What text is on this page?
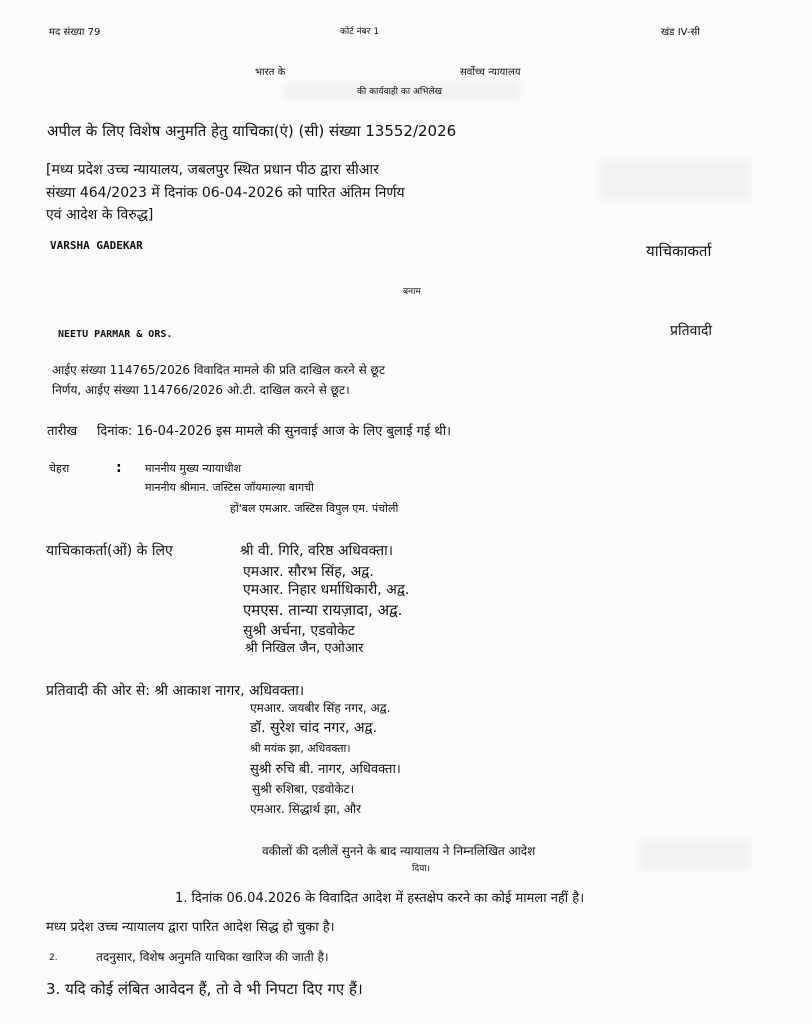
मद संख्या 79	कोर्ट नंबर 1	खंड IV-सी
भारत के	सर्वोच्च न्यायालय
की कार्यवाही का अभिलेख
अपील के लिए विशेष अनुमति हेतु याचिका(एं) (सी) संख्या 13552/2026
[मध्य प्रदेश उच्च न्यायालय, जबलपुर स्थित प्रधान पीठ द्वारा सीआर
संख्या 464/2023 में दिनांक 06-04-2026 को पारित अंतिम निर्णय
एवं आदेश के विरुद्ध]
VARSHA GADEKAR	याचिकाकर्ता
बनाम
NEETU PARMAR & ORS.	प्रतिवादी
आईए संख्या 114765/2026 विवादित मामले की प्रति दाखिल करने से छूट
निर्णय, आईए संख्या 114766/2026 ओ.टी. दाखिल करने से छूट।
तारीख दिनांक: 16-04-2026 इस मामले की सुनवाई आज के लिए बुलाई गई थी।
चेहरा	: माननीय मुख्य न्यायाधीश
माननीय श्रीमान. जस्टिस जॉयमाल्या बागची
हों'बल एमआर. जस्टिस विपुल एम. पंचोली
याचिकाकर्ता(ओं) के लिए	श्री वी. गिरि, वरिष्ठ अधिवक्ता।
एमआर. सौरभ सिंह, अद्व.
एमआर. निहार धर्माधिकारी, अद्व.
एमएस. तान्या रायज़ादा, अद्व.
सुश्री अर्चना, एडवोकेट
श्री निखिल जैन, एओआर
प्रतिवादी की ओर से: श्री आकाश नागर, अधिवक्ता।
एमआर. जयबीर सिंह नगर, अद्व.
डॉ. सुरेश चांद नगर, अद्व.
श्री मयंक झा, अधिवक्ता।
सुश्री रुचि बी. नागर, अधिवक्ता।
सुश्री रुशिबा, एडवोकेट।
एमआर. सिद्धार्थ झा, और
वकीलों की दलीलें सुनने के बाद न्यायालय ने निम्नलिखित आदेश
दिया।
1. दिनांक 06.04.2026 के विवादित आदेश में हस्तक्षेप करने का कोई मामला नहीं है।
मध्य प्रदेश उच्च न्यायालय द्वारा पारित आदेश सिद्ध हो चुका है।
2.	तदनुसार, विशेष अनुमति याचिका खारिज की जाती है।
3. यदि कोई लंबित आवेदन हैं, तो वे भी निपटा दिए गए हैं।
